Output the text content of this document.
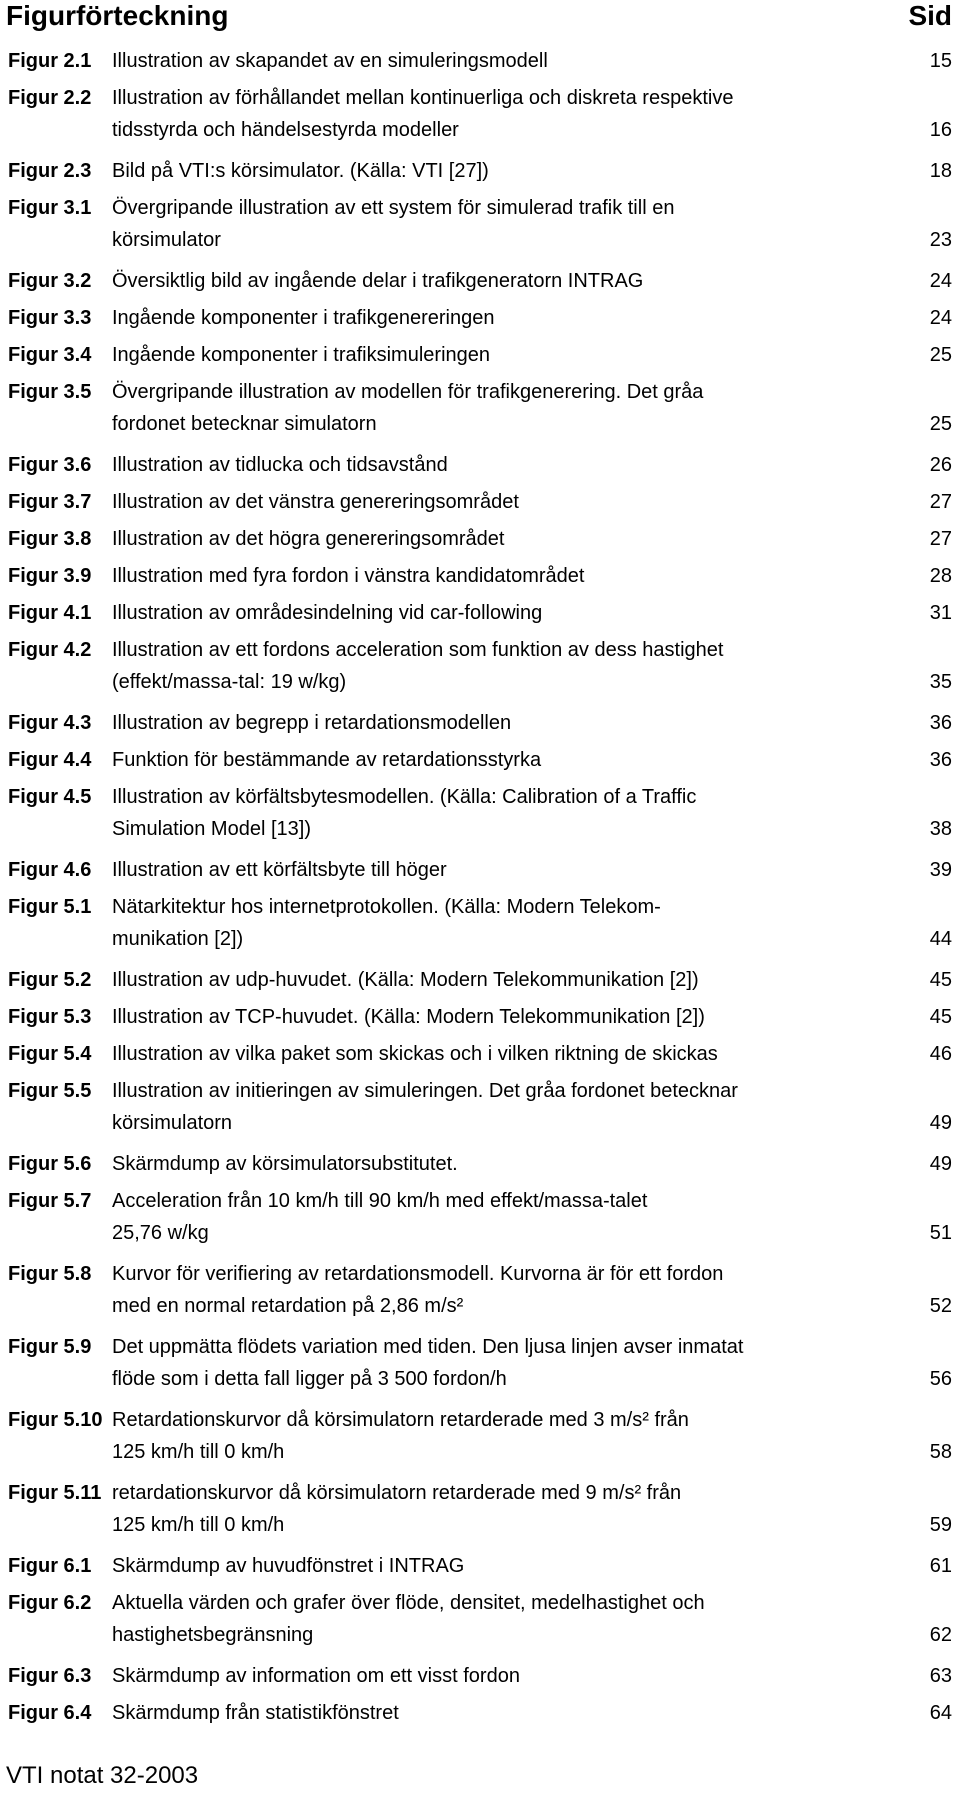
Figurförteckning	Sid
Figur 2.1 Illustration av skapandet av en simuleringsmodell	15
Figur 2.2 Illustration av förhållandet mellan kontinuerliga och diskreta respektive
tidsstyrda och händelsestyrda modeller	16
Figur 2.3 Bild på VTI:s körsimulator. (Källa: VTI [27])	18
Figur 3.1 Övergripande illustration av ett system för simulerad trafik till en
körsimulator	23
Figur 3.2 Översiktlig bild av ingående delar i trafikgeneratorn INTRAG	24
Figur 3.3 Ingående komponenter i trafikgenereringen	24
Figur 3.4 Ingående komponenter i trafiksimuleringen	25
Figur 3.5 Övergripande illustration av modellen för trafikgenerering. Det gråa
fordonet betecknar simulatorn	25
Figur 3.6 Illustration av tidlucka och tidsavstånd	26
Figur 3.7 Illustration av det vänstra genereringsområdet	27
Figur 3.8 Illustration av det högra genereringsområdet	27
Figur 3.9 Illustration med fyra fordon i vänstra kandidatområdet	28
Figur 4.1 Illustration av områdesindelning vid car-following	31
Figur 4.2 Illustration av ett fordons acceleration som funktion av dess hastighet
(effekt/massa-tal: 19 w/kg)	35
Figur 4.3 Illustration av begrepp i retardationsmodellen	36
Figur 4.4 Funktion för bestämmande av retardationsstyrka	36
Figur 4.5 Illustration av körfältsbytesmodellen. (Källa: Calibration of a Traffic
Simulation Model [13])	38
Figur 4.6 Illustration av ett körfältsbyte till höger	39
Figur 5.1 Nätarkitektur hos internetprotokollen. (Källa: Modern Telekom-
munikation [2])	44
Figur 5.2 Illustration av udp-huvudet. (Källa: Modern Telekommunikation [2])	45
Figur 5.3 Illustration av TCP-huvudet. (Källa: Modern Telekommunikation [2])	45
Figur 5.4 Illustration av vilka paket som skickas och i vilken riktning de skickas	46
Figur 5.5 Illustration av initieringen av simuleringen. Det gråa fordonet betecknar
körsimulatorn	49
Figur 5.6 Skärmdump av körsimulatorsubstitutet.	49
Figur 5.7 Acceleration från 10 km/h till 90 km/h med effekt/massa-talet
25,76 w/kg	51
Figur 5.8 Kurvor för verifiering av retardationsmodell. Kurvorna är för ett fordon
med en normal retardation på 2,86 m/s²	52
Figur 5.9 Det uppmätta flödets variation med tiden. Den ljusa linjen avser inmatat
flöde som i detta fall ligger på 3 500 fordon/h	56
Figur 5.10 Retardationskurvor då körsimulatorn retarderade med 3 m/s² från
125 km/h till 0 km/h	58
Figur 5.11 retardationskurvor då körsimulatorn retarderade med 9 m/s² från
125 km/h till 0 km/h	59
Figur 6.1 Skärmdump av huvudfönstret i INTRAG	61
Figur 6.2 Aktuella värden och grafer över flöde, densitet, medelhastighet och
hastighetsbegränsning	62
Figur 6.3 Skärmdump av information om ett visst fordon	63
Figur 6.4 Skärmdump från statistikfönstret	64
VTI notat 32-2003
